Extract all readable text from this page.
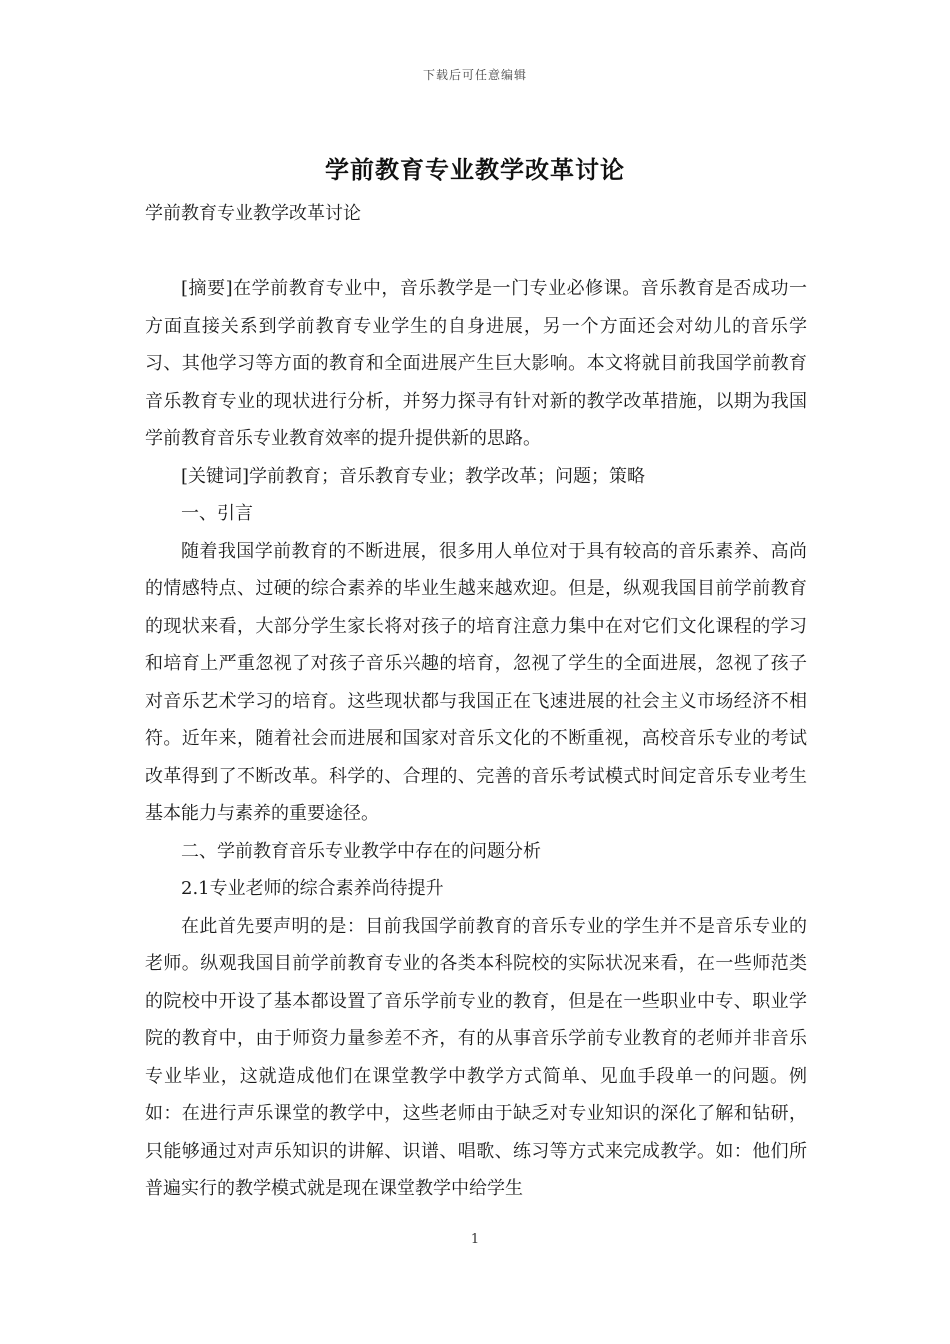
下载后可任意编辑
学前教育专业教学改革讨论
学前教育专业教学改革讨论

[摘要]在学前教育专业中，音乐教学是一门专业必修课。音乐教育是否成功一方面直接关系到学前教育专业学生的自身进展，另一个方面还会对幼儿的音乐学习、其他学习等方面的教育和全面进展产生巨大影响。本文将就目前我国学前教育音乐教育专业的现状进行分析，并努力探寻有针对新的教学改革措施，以期为我国学前教育音乐专业教育效率的提升提供新的思路。

[关键词]学前教育；音乐教育专业；教学改革；问题；策略

一、引言

随着我国学前教育的不断进展，很多用人单位对于具有较高的音乐素养、高尚的情感特点、过硬的综合素养的毕业生越来越欢迎。但是，纵观我国目前学前教育的现状来看，大部分学生家长将对孩子的培育注意力集中在对它们文化课程的学习和培育上严重忽视了对孩子音乐兴趣的培育，忽视了学生的全面进展，忽视了孩子对音乐艺术学习的培育。这些现状都与我国正在飞速进展的社会主义市场经济不相符。近年来，随着社会而进展和国家对音乐文化的不断重视，高校音乐专业的考试改革得到了不断改革。科学的、合理的、完善的音乐考试模式时间定音乐专业考生基本能力与素养的重要途径。

二、学前教育音乐专业教学中存在的问题分析

2.1专业老师的综合素养尚待提升

在此首先要声明的是：目前我国学前教育的音乐专业的学生并不是音乐专业的老师。纵观我国目前学前教育专业的各类本科院校的实际状况来看，在一些师范类的院校中开设了基本都设置了音乐学前专业的教育，但是在一些职业中专、职业学院的教育中，由于师资力量参差不齐，有的从事音乐学前专业教育的老师并非音乐专业毕业，这就造成他们在课堂教学中教学方式简单、见血手段单一的问题。例如：在进行声乐课堂的教学中，这些老师由于缺乏对专业知识的深化了解和钻研，只能够通过对声乐知识的讲解、识谱、唱歌、练习等方式来完成教学。如：他们所普遍实行的教学模式就是现在课堂教学中给学生

1
